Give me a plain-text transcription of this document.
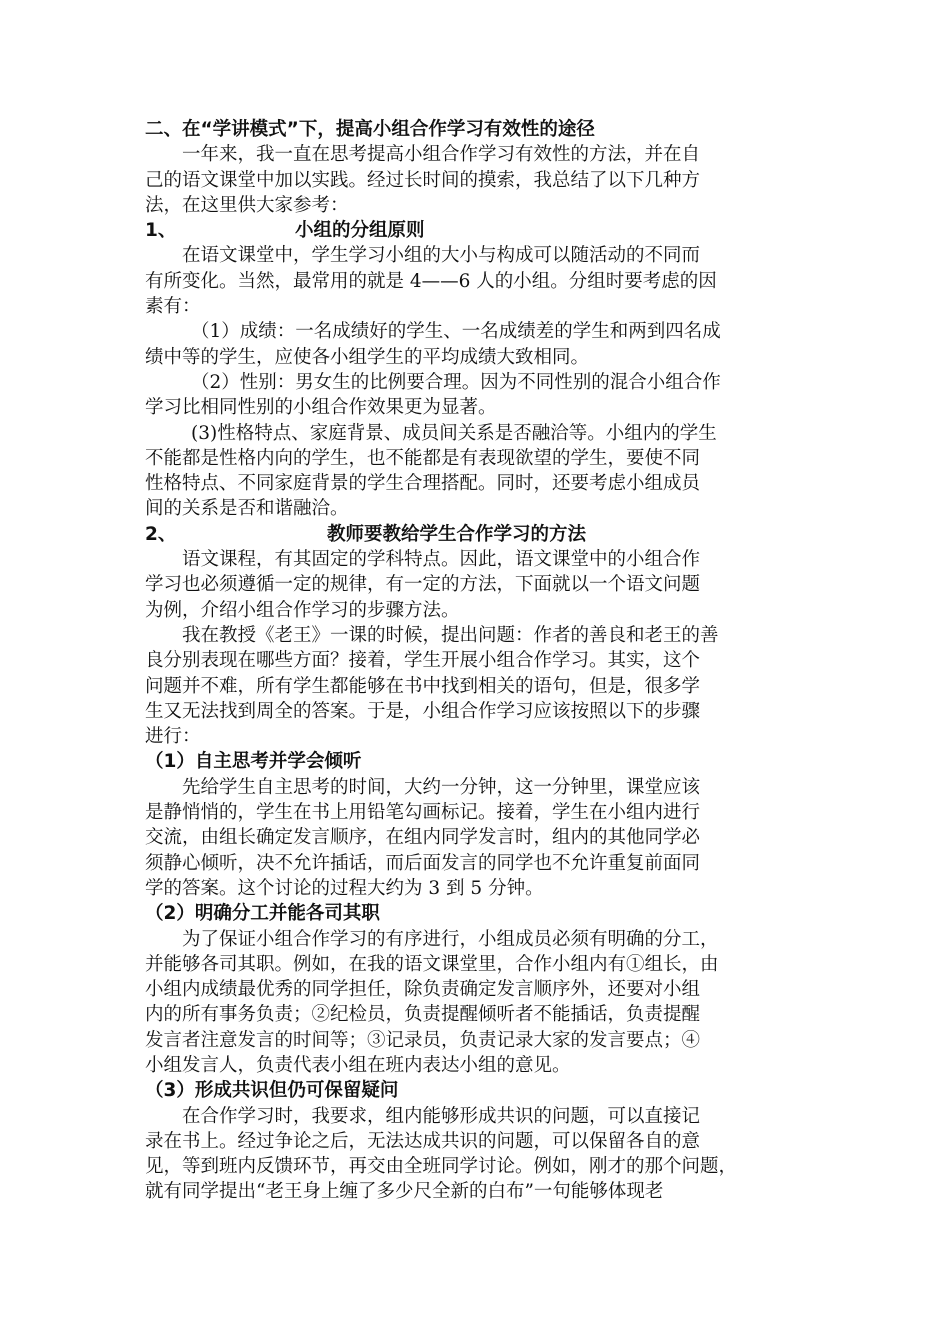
二、在“学讲模式”下，提高小组合作学习有效性的途径
一年来，我一直在思考提高小组合作学习有效性的方法，并在自
己的语文课堂中加以实践。经过长时间的摸索，我总结了以下几种方
法，在这里供大家参考：
1、	小组的分组原则
在语文课堂中，学生学习小组的大小与构成可以随活动的不同而
有所变化。当然，最常用的就是 4——6 人的小组。分组时要考虑的因
素有：
（1）成绩：一名成绩好的学生、一名成绩差的学生和两到四名成
绩中等的学生，应使各小组学生的平均成绩大致相同。
（2）性别：男女生的比例要合理。因为不同性别的混合小组合作
学习比相同性别的小组合作效果更为显著。
(3)性格特点、家庭背景、成员间关系是否融洽等。小组内的学生
不能都是性格内向的学生，也不能都是有表现欲望的学生，要使不同
性格特点、不同家庭背景的学生合理搭配。同时，还要考虑小组成员
间的关系是否和谐融洽。
2、	教师要教给学生合作学习的方法
语文课程，有其固定的学科特点。因此，语文课堂中的小组合作
学习也必须遵循一定的规律，有一定的方法，下面就以一个语文问题
为例，介绍小组合作学习的步骤方法。
我在教授《老王》一课的时候，提出问题：作者的善良和老王的善
良分别表现在哪些方面？接着，学生开展小组合作学习。其实，这个
问题并不难，所有学生都能够在书中找到相关的语句，但是，很多学
生又无法找到周全的答案。于是，小组合作学习应该按照以下的步骤
进行：
（1）自主思考并学会倾听
先给学生自主思考的时间，大约一分钟，这一分钟里，课堂应该
是静悄悄的，学生在书上用铅笔勾画标记。接着，学生在小组内进行
交流，由组长确定发言顺序，在组内同学发言时，组内的其他同学必
须静心倾听，决不允许插话，而后面发言的同学也不允许重复前面同
学的答案。这个讨论的过程大约为 3 到 5 分钟。
（2）明确分工并能各司其职
为了保证小组合作学习的有序进行，小组成员必须有明确的分工，
并能够各司其职。例如，在我的语文课堂里，合作小组内有①组长，由
小组内成绩最优秀的同学担任，除负责确定发言顺序外，还要对小组
内的所有事务负责；②纪检员，负责提醒倾听者不能插话，负责提醒
发言者注意发言的时间等；③记录员，负责记录大家的发言要点；④
小组发言人，负责代表小组在班内表达小组的意见。
（3）形成共识但仍可保留疑问
在合作学习时，我要求，组内能够形成共识的问题，可以直接记
录在书上。经过争论之后，无法达成共识的问题，可以保留各自的意
见，等到班内反馈环节，再交由全班同学讨论。例如，刚才的那个问题，
就有同学提出“老王身上缠了多少尺全新的白布”一句能够体现老
